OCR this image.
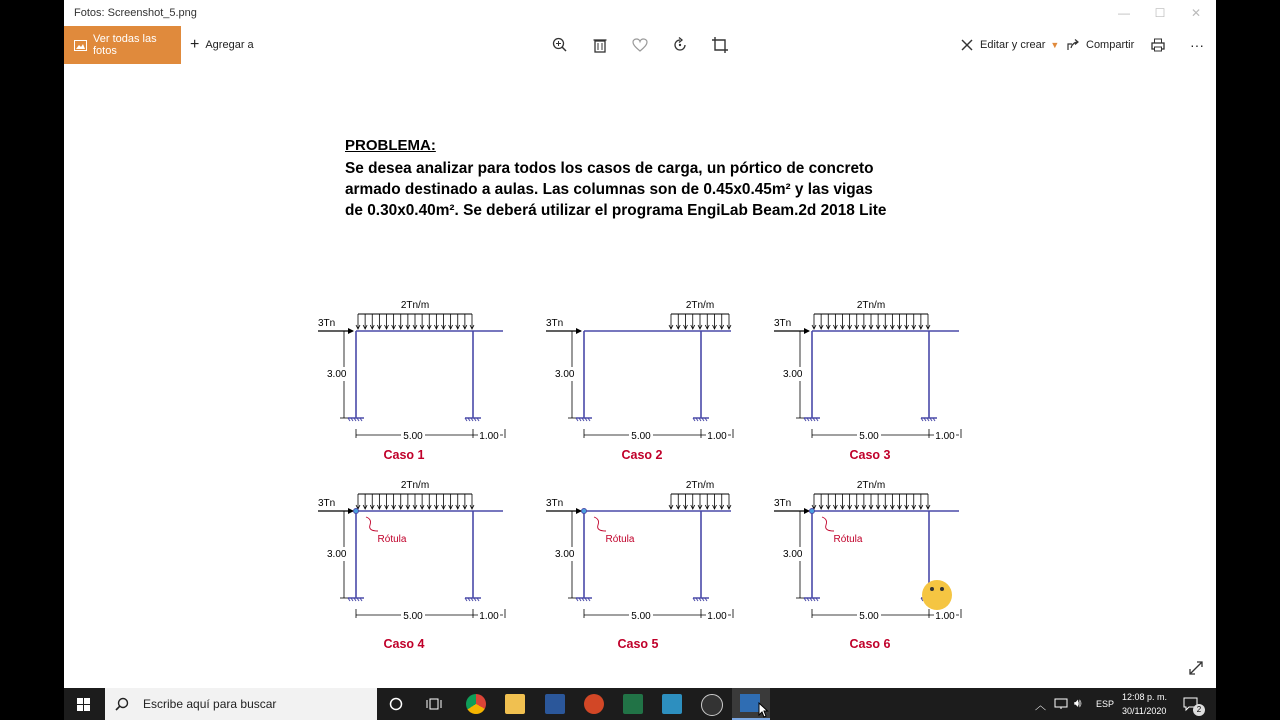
Fotos: Screenshot_5.png	—	☐	✕
Ver todas las fotos	+ Agregar a	Editar y crear ▼ Compartir	···
PROBLEMA:
Se desea analizar para todos los casos de carga, un pórtico de concreto
armado destinado a aulas. Las columnas son de 0.45x0.45m² y las vigas
de 0.30x0.40m². Se deberá utilizar el programa EngiLab Beam.2d 2018 Lite
2Tn/m
3Tn
3.00
5.00	1.00
Caso 1
2Tn/m
3Tn
3.00
5.00	1.00
Caso 2
2Tn/m
3Tn
3.00
5.00	1.00
Caso 3
2Tn/m
3Tn
3.00
5.00	1.00
Rótula
Caso 4
2Tn/m
3Tn
3.00
5.00	1.00
Rótula
Caso 5
2Tn/m
3Tn
3.00
5.00	1.00
Rótula
Caso 6
Escribe aquí para buscar	︿ 🔊︎ ESP
12:08 p. m.
30/11/2020	2
